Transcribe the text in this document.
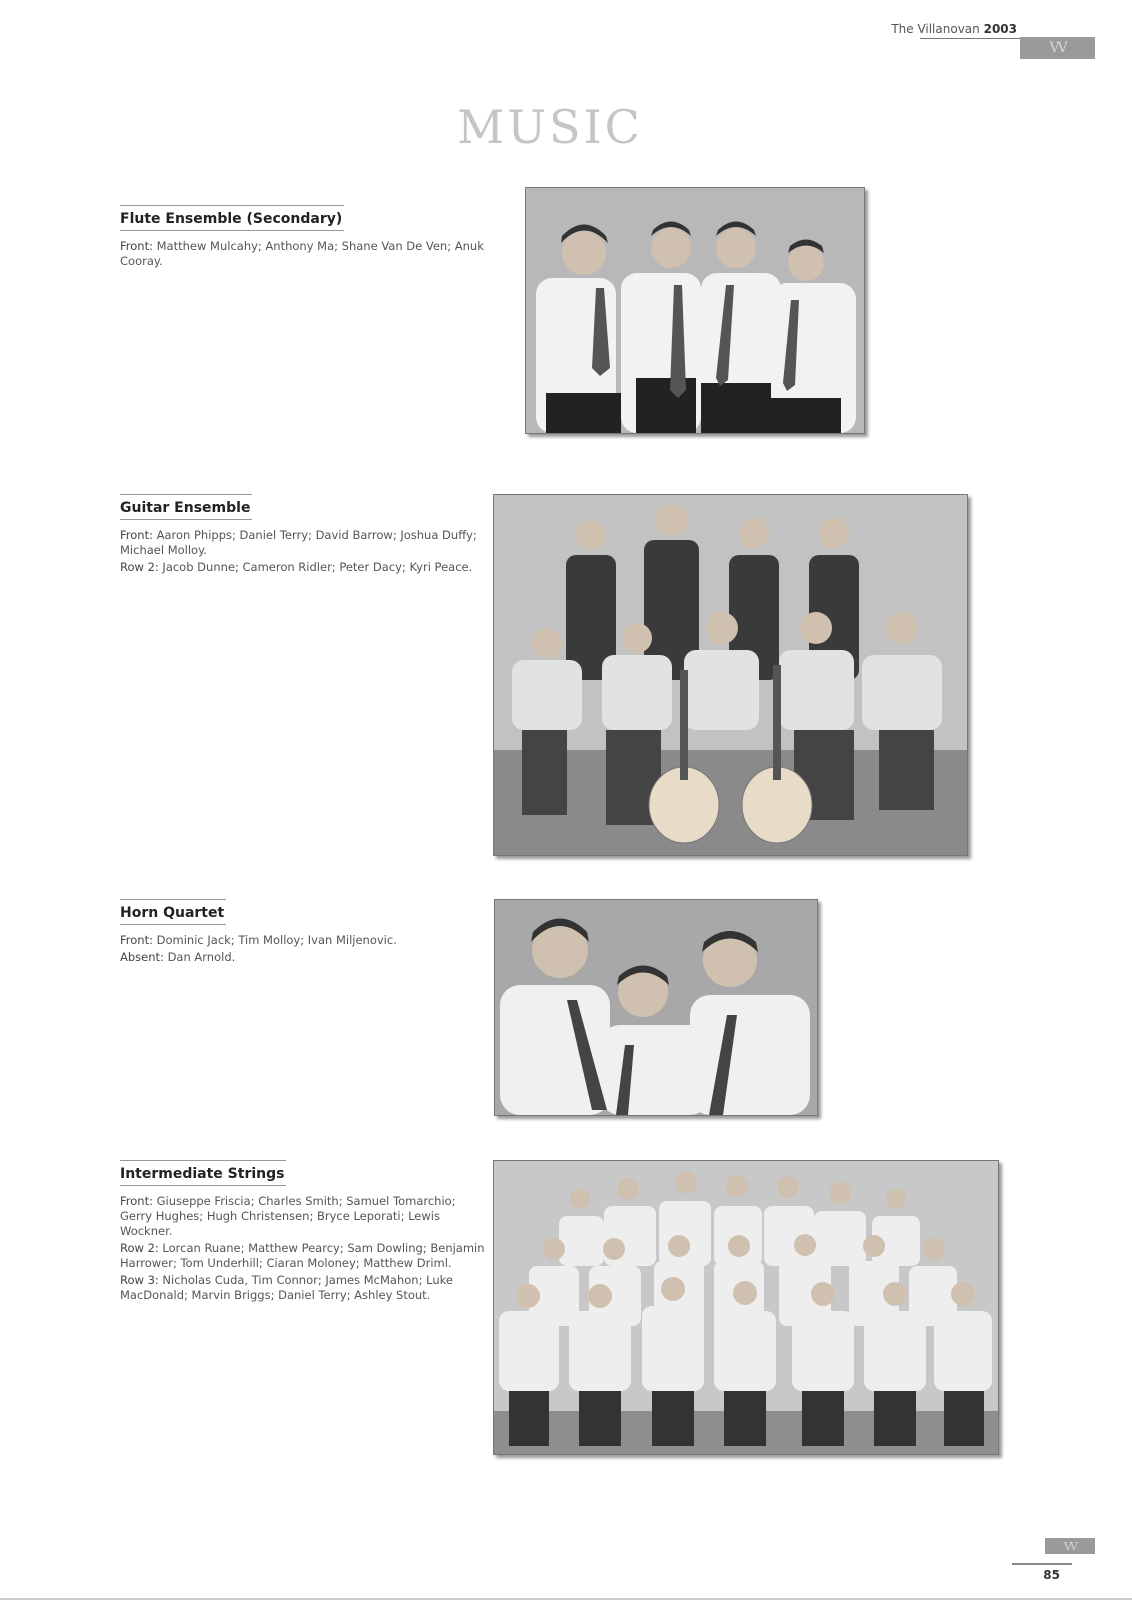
The Villanovan 2003
VV
MUSIC
Flute Ensemble (Secondary)
Front: Matthew Mulcahy; Anthony Ma; Shane Van De Ven; Anuk Cooray.
Guitar Ensemble
Front: Aaron Phipps; Daniel Terry; David Barrow; Joshua Duffy; Michael Molloy.
Row 2: Jacob Dunne; Cameron Ridler; Peter Dacy; Kyri Peace.
Horn Quartet
Front: Dominic Jack; Tim Molloy; Ivan Miljenovic.
Absent: Dan Arnold.
Intermediate Strings
Front: Giuseppe Friscia; Charles Smith; Samuel Tomarchio; Gerry Hughes; Hugh Christensen; Bryce Leporati; Lewis Wockner.
Row 2: Lorcan Ruane; Matthew Pearcy; Sam Dowling; Benjamin Harrower; Tom Underhill; Ciaran Moloney; Matthew Driml.
Row 3: Nicholas Cuda, Tim Connor; James McMahon; Luke MacDonald; Marvin Briggs; Daniel Terry; Ashley Stout.
VV
85
